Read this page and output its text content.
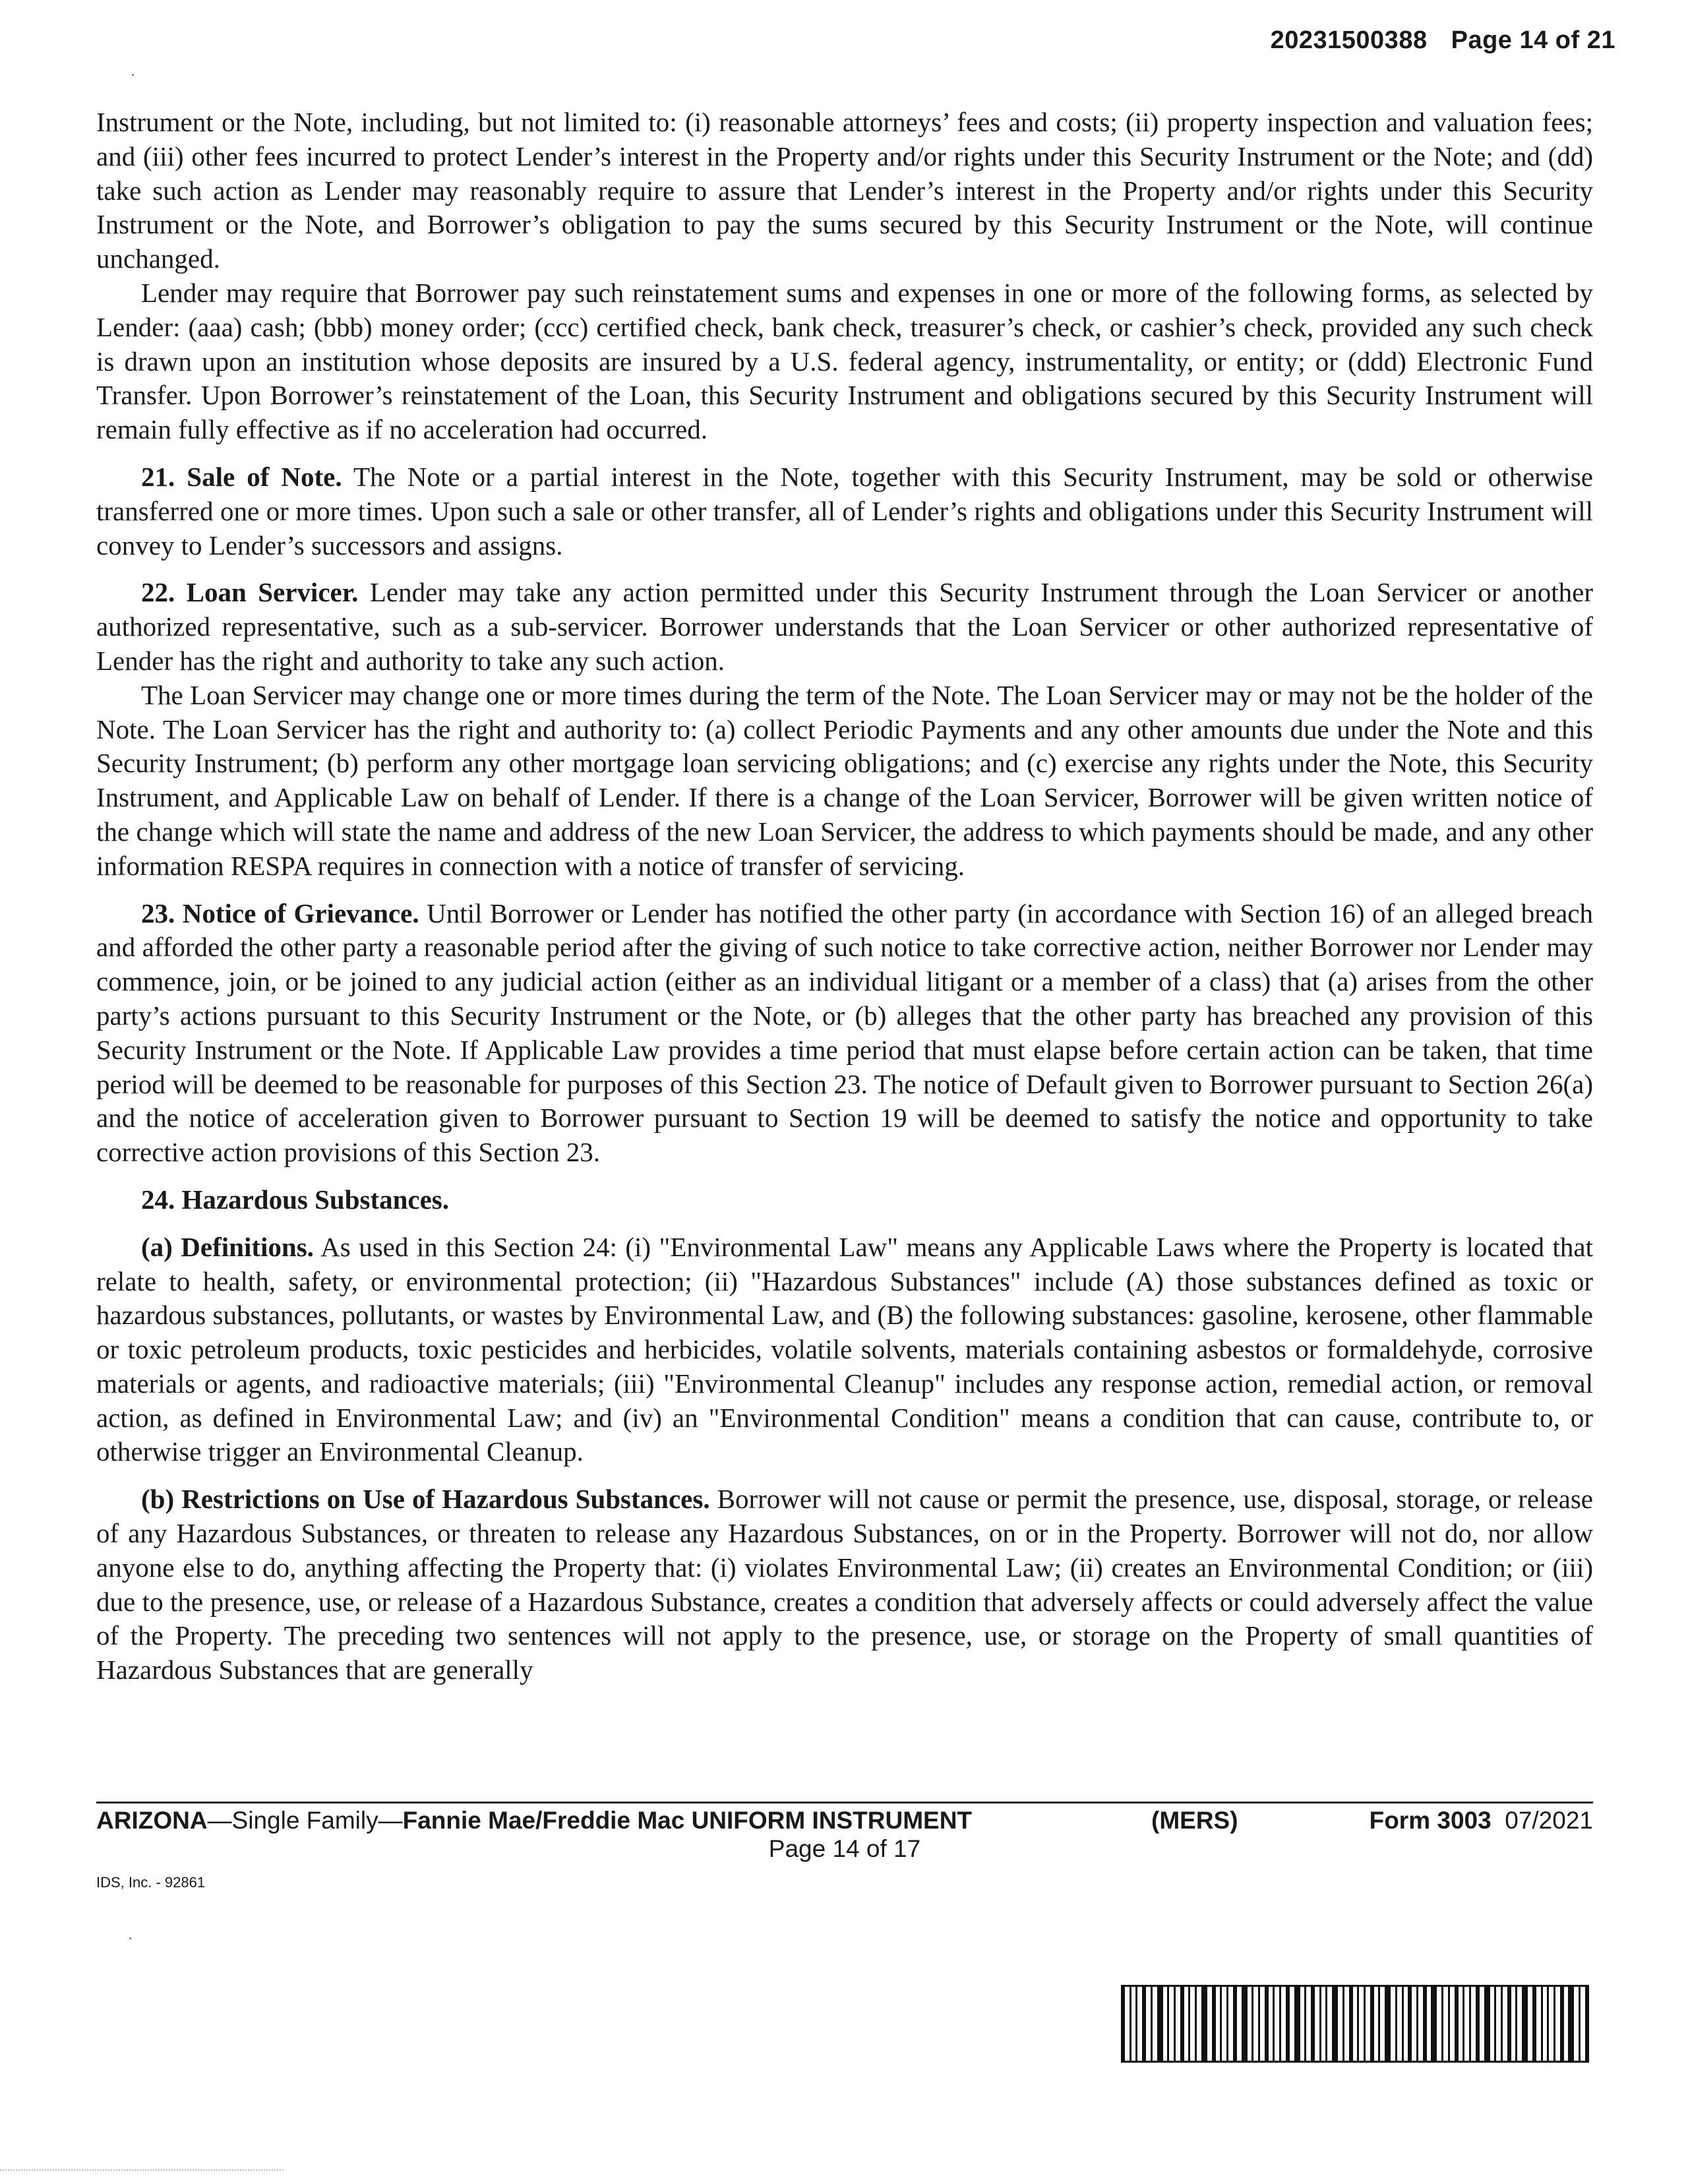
20231500388 Page 14 of 21

Instrument or the Note, including, but not limited to: (i) reasonable attorneys’ fees and costs; (ii) property inspection and valuation fees; and (iii) other fees incurred to protect Lender’s interest in the Property and/or rights under this Security Instrument or the Note; and (dd) take such action as Lender may reasonably require to assure that Lender’s interest in the Property and/or rights under this Security Instrument or the Note, and Borrower’s obligation to pay the sums secured by this Security Instrument or the Note, will continue unchanged.

Lender may require that Borrower pay such reinstatement sums and expenses in one or more of the following forms, as selected by Lender: (aaa) cash; (bbb) money order; (ccc) certified check, bank check, treasurer’s check, or cashier’s check, provided any such check is drawn upon an institution whose deposits are insured by a U.S. federal agency, instrumentality, or entity; or (ddd) Electronic Fund Transfer. Upon Borrower’s reinstatement of the Loan, this Security Instrument and obligations secured by this Security Instrument will remain fully effective as if no acceleration had occurred.

21. Sale of Note. The Note or a partial interest in the Note, together with this Security Instrument, may be sold or otherwise transferred one or more times. Upon such a sale or other transfer, all of Lender’s rights and obligations under this Security Instrument will convey to Lender’s successors and assigns.

22. Loan Servicer. Lender may take any action permitted under this Security Instrument through the Loan Servicer or another authorized representative, such as a sub-servicer. Borrower understands that the Loan Servicer or other authorized representative of Lender has the right and authority to take any such action.

The Loan Servicer may change one or more times during the term of the Note. The Loan Servicer may or may not be the holder of the Note. The Loan Servicer has the right and authority to: (a) collect Periodic Payments and any other amounts due under the Note and this Security Instrument; (b) perform any other mortgage loan servicing obligations; and (c) exercise any rights under the Note, this Security Instrument, and Applicable Law on behalf of Lender. If there is a change of the Loan Servicer, Borrower will be given written notice of the change which will state the name and address of the new Loan Servicer, the address to which payments should be made, and any other information RESPA requires in connection with a notice of transfer of servicing.

23. Notice of Grievance. Until Borrower or Lender has notified the other party (in accordance with Section 16) of an alleged breach and afforded the other party a reasonable period after the giving of such notice to take corrective action, neither Borrower nor Lender may commence, join, or be joined to any judicial action (either as an individual litigant or a member of a class) that (a) arises from the other party’s actions pursuant to this Security Instrument or the Note, or (b) alleges that the other party has breached any provision of this Security Instrument or the Note. If Applicable Law provides a time period that must elapse before certain action can be taken, that time period will be deemed to be reasonable for purposes of this Section 23. The notice of Default given to Borrower pursuant to Section 26(a) and the notice of acceleration given to Borrower pursuant to Section 19 will be deemed to satisfy the notice and opportunity to take corrective action provisions of this Section 23.

24. Hazardous Substances.

(a) Definitions. As used in this Section 24: (i) "Environmental Law" means any Applicable Laws where the Property is located that relate to health, safety, or environmental protection; (ii) "Hazardous Substances" include (A) those substances defined as toxic or hazardous substances, pollutants, or wastes by Environmental Law, and (B) the following substances: gasoline, kerosene, other flammable or toxic petroleum products, toxic pesticides and herbicides, volatile solvents, materials containing asbestos or formaldehyde, corrosive materials or agents, and radioactive materials; (iii) "Environmental Cleanup" includes any response action, remedial action, or removal action, as defined in Environmental Law; and (iv) an "Environmental Condition" means a condition that can cause, contribute to, or otherwise trigger an Environmental Cleanup.

(b) Restrictions on Use of Hazardous Substances. Borrower will not cause or permit the presence, use, disposal, storage, or release of any Hazardous Substances, or threaten to release any Hazardous Substances, on or in the Property. Borrower will not do, nor allow anyone else to do, anything affecting the Property that: (i) violates Environmental Law; (ii) creates an Environmental Condition; or (iii) due to the presence, use, or release of a Hazardous Substance, creates a condition that adversely affects or could adversely affect the value of the Property. The preceding two sentences will not apply to the presence, use, or storage on the Property of small quantities of Hazardous Substances that are generally

ARIZONA—Single Family—Fannie Mae/Freddie Mac UNIFORM INSTRUMENT	(MERS)	Form 3003 07/2021
Page 14 of 17
IDS, Inc. - 92861
